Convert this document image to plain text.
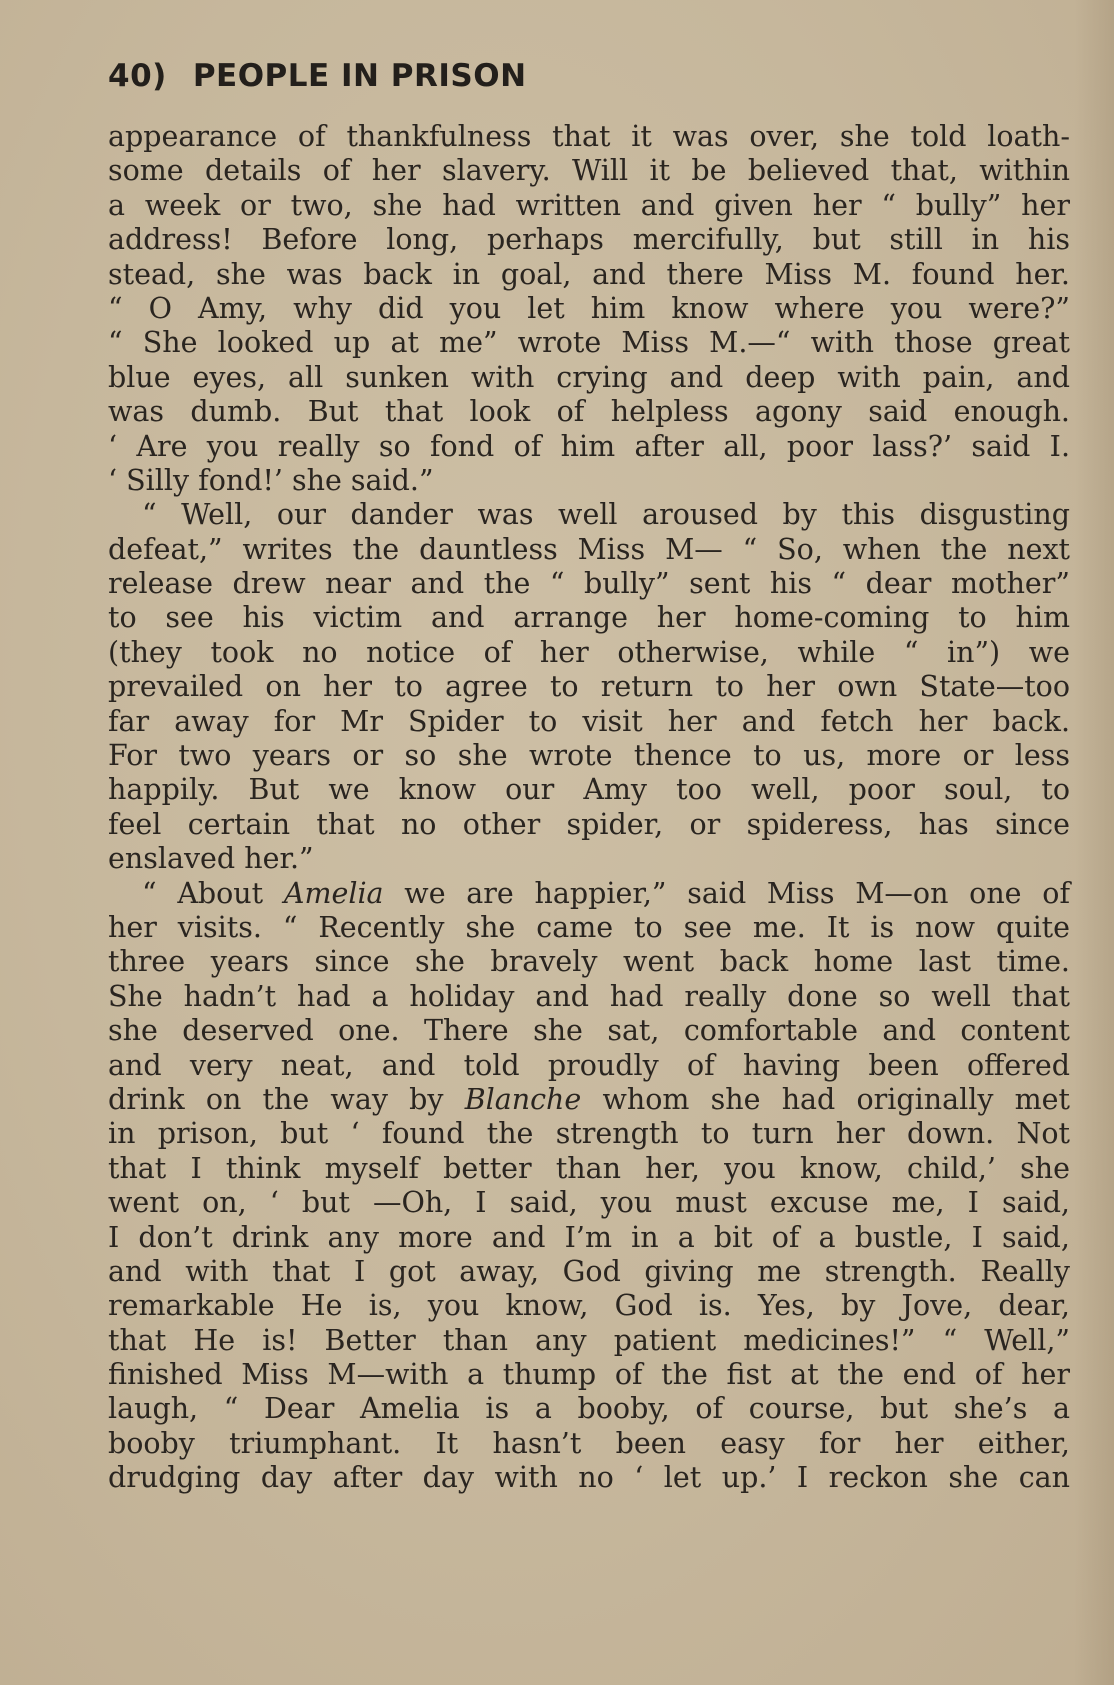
40) PEOPLE IN PRISON
appearance of thankfulness that it was over, she told loath-
some details of her slavery. Will it be believed that, within
a week or two, she had written and given her “ bully” her
address! Before long, perhaps mercifully, but still in his
stead, she was back in goal, and there Miss M. found her.
“ O Amy, why did you let him know where you were?”
“ She looked up at me” wrote Miss M.—“ with those great
blue eyes, all sunken with crying and deep with pain, and
was dumb. But that look of helpless agony said enough.
‘ Are you really so fond of him after all, poor lass?’ said I.
‘ Silly fond!’ she said.”
“ Well, our dander was well aroused by this disgusting
defeat,” writes the dauntless Miss M— “ So, when the next
release drew near and the “ bully” sent his “ dear mother”
to see his victim and arrange her home-coming to him
(they took no notice of her otherwise, while “ in”) we
prevailed on her to agree to return to her own State—too
far away for Mr Spider to visit her and fetch her back.
For two years or so she wrote thence to us, more or less
happily. But we know our Amy too well, poor soul, to
feel certain that no other spider, or spideress, has since
enslaved her.”
“ About Amelia we are happier,” said Miss M—on one of
her visits. “ Recently she came to see me. It is now quite
three years since she bravely went back home last time.
She hadn’t had a holiday and had really done so well that
she deserved one. There she sat, comfortable and content
and very neat, and told proudly of having been offered
drink on the way by Blanche whom she had originally met
in prison, but ‘ found the strength to turn her down. Not
that I think myself better than her, you know, child,’ she
went on, ‘ but —Oh, I said, you must excuse me, I said,
I don’t drink any more and I’m in a bit of a bustle, I said,
and with that I got away, God giving me strength. Really
remarkable He is, you know, God is. Yes, by Jove, dear,
that He is! Better than any patient medicines!” “ Well,”
finished Miss M—with a thump of the fist at the end of her
laugh, “ Dear Amelia is a booby, of course, but she’s a
booby triumphant. It hasn’t been easy for her either,
drudging day after day with no ‘ let up.’ I reckon she can
